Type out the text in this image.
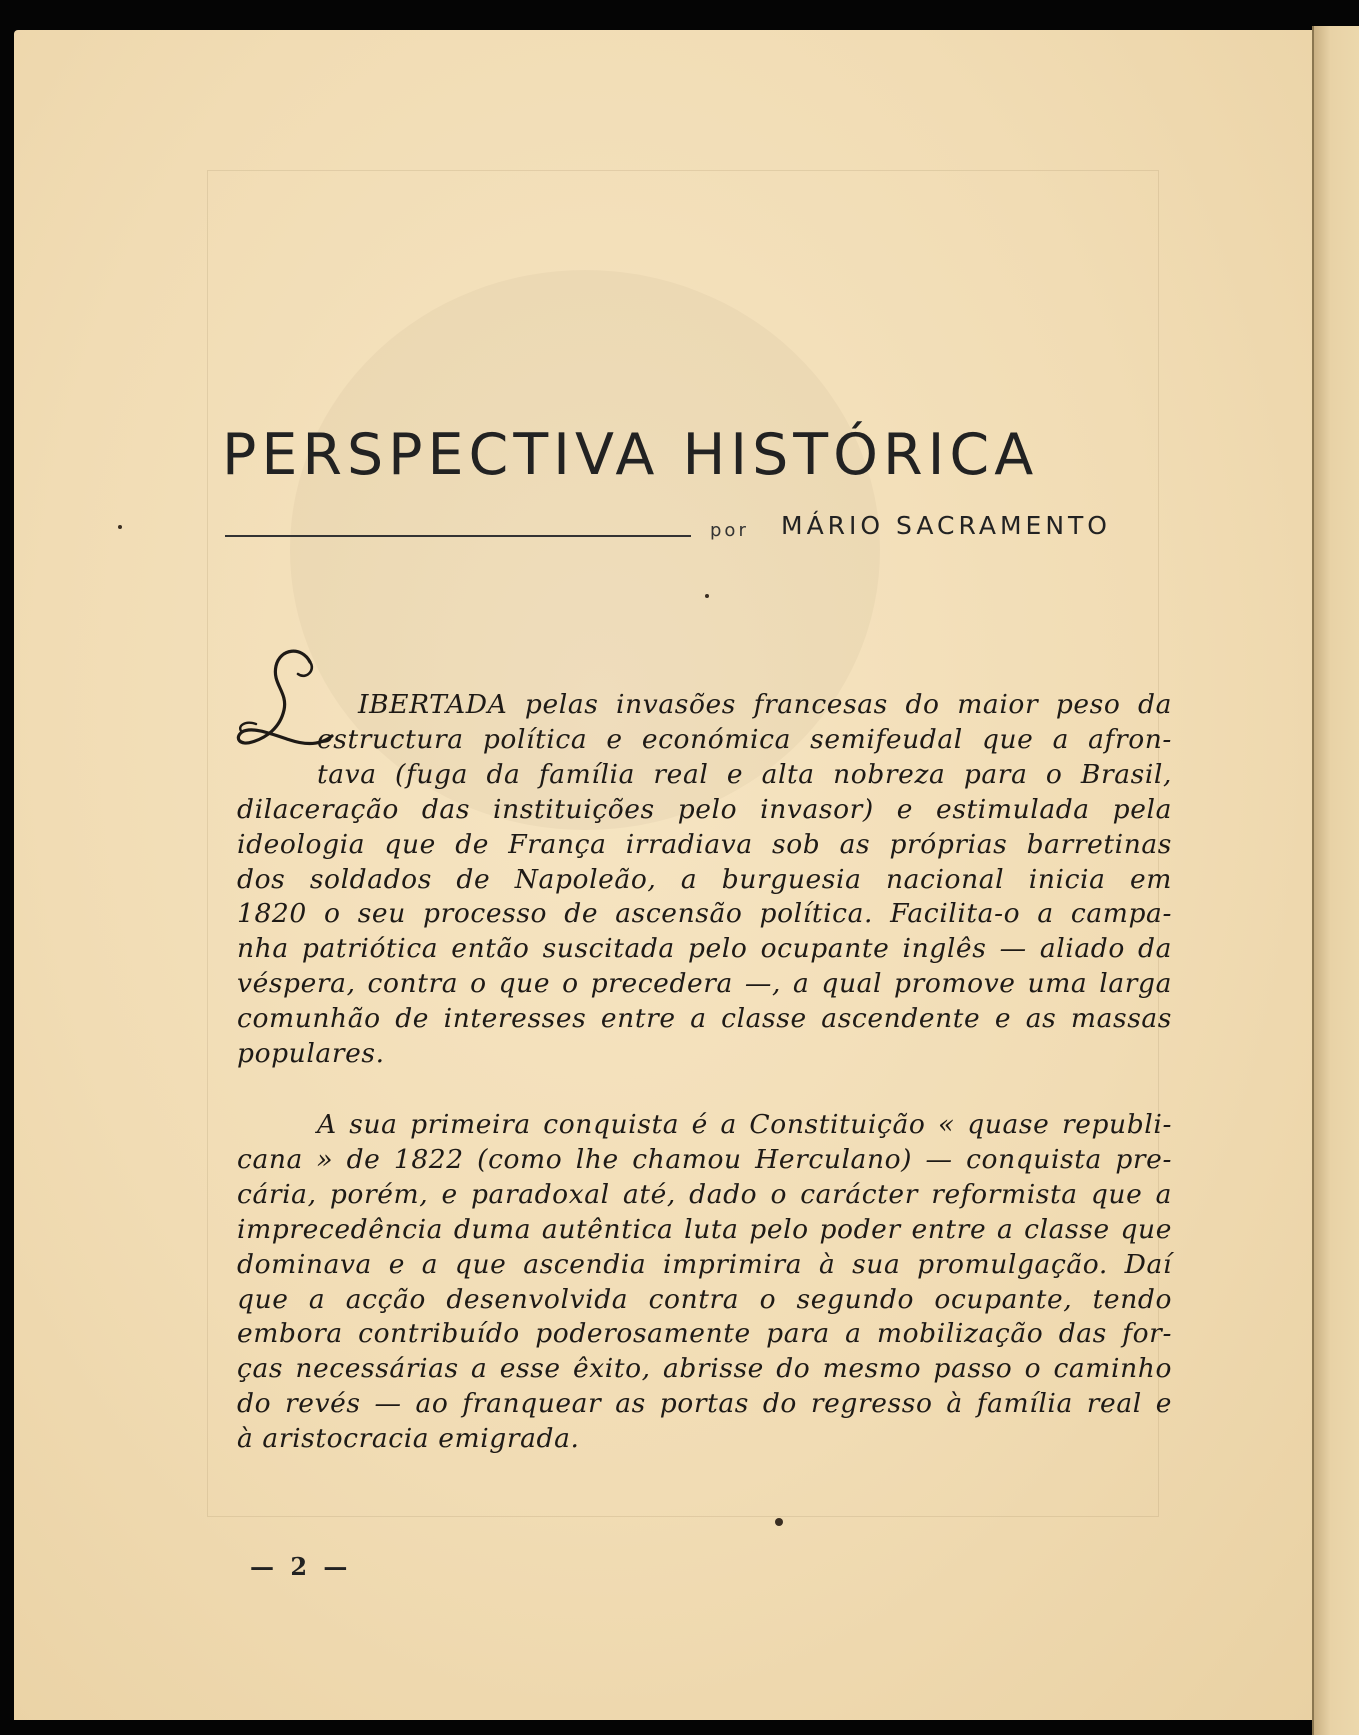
PERSPECTIVA HISTÓRICA
por MÁRIO SACRAMENTO
IBERTADA pelas invasões francesas do maior peso da
estructura política e económica semifeudal que a afron-
tava (fuga da família real e alta nobreza para o Brasil,
dilaceração das instituições pelo invasor) e estimulada pela
ideologia que de França irradiava sob as próprias barretinas
dos soldados de Napoleão, a burguesia nacional inicia em
1820 o seu processo de ascensão política. Facilita-o a campa-
nha patriótica então suscitada pelo ocupante inglês — aliado da
véspera, contra o que o precedera —, a qual promove uma larga
comunhão de interesses entre a classe ascendente e as massas
populares.
A sua primeira conquista é a Constituição « quase republi-
cana » de 1822 (como lhe chamou Herculano) — conquista pre-
cária, porém, e paradoxal até, dado o carácter reformista que a
imprecedência duma autêntica luta pelo poder entre a classe que
dominava e a que ascendia imprimira à sua promulgação. Daí
que a acção desenvolvida contra o segundo ocupante, tendo
embora contribuído poderosamente para a mobilização das for-
ças necessárias a esse êxito, abrisse do mesmo passo o caminho
do revés — ao franquear as portas do regresso à família real e
à aristocracia emigrada.
— 2 —
